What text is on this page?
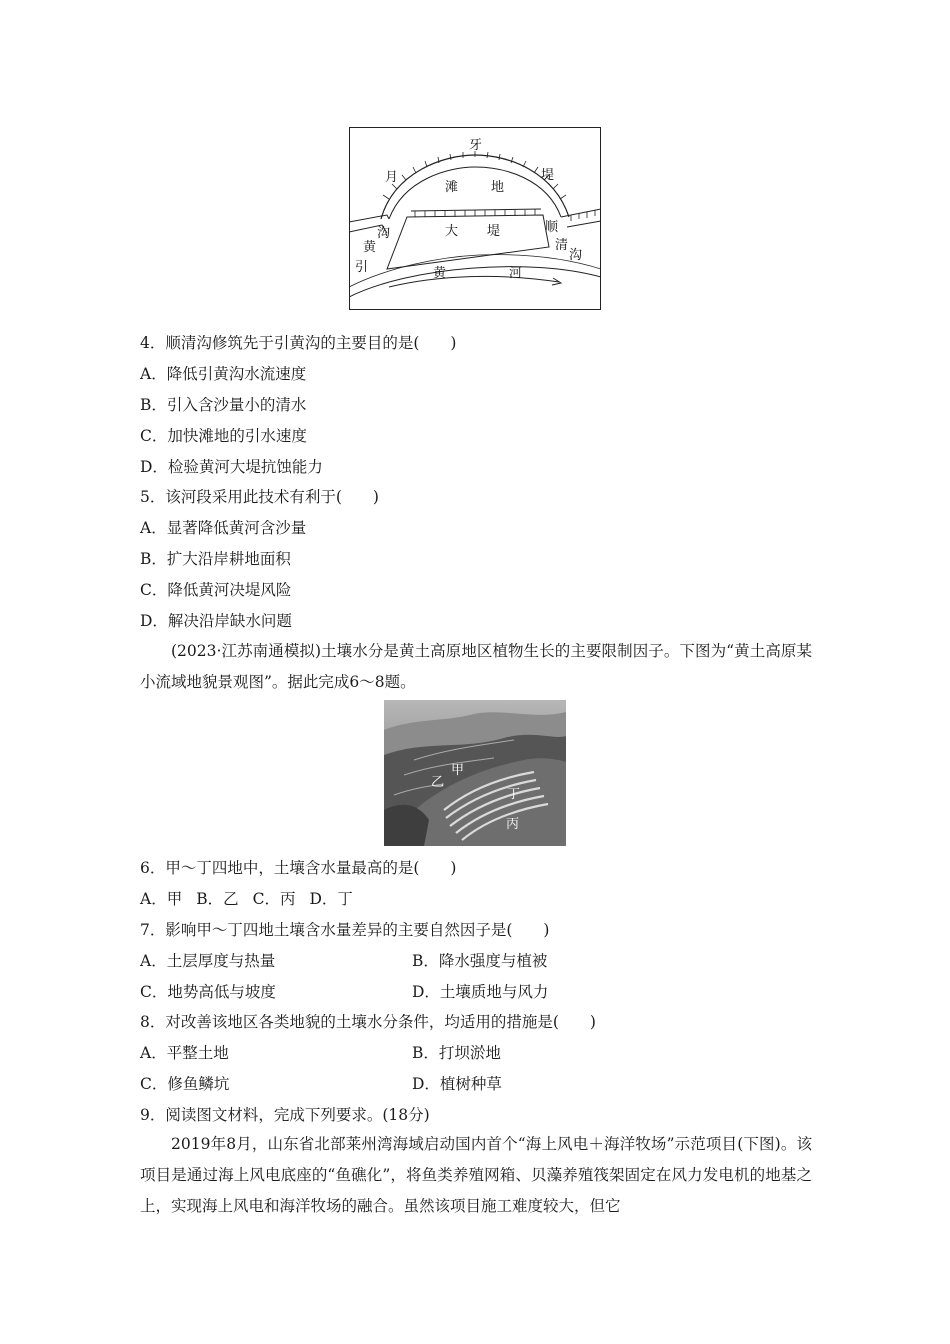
牙
月	堤
滩	地
大 堤
沟
黄
引
顺
清
沟
黄	河
4．顺清沟修筑先于引黄沟的主要目的是(　　)
A．降低引黄沟水流速度
B．引入含沙量小的清水
C．加快滩地的引水速度
D．检验黄河大堤抗蚀能力
5．该河段采用此技术有利于(　　)
A．显著降低黄河含沙量
B．扩大沿岸耕地面积
C．降低黄河决堤风险
D．解决沿岸缺水问题
(2023·江苏南通模拟)土壤水分是黄土高原地区植物生长的主要限制因子。下图为“黄土高原某小流域地貌景观图”。据此完成6～8题。
甲
乙
丁
丙
6．甲～丁四地中，土壤含水量最高的是(　　)
A．甲 B．乙 C．丙 D．丁
7．影响甲～丁四地土壤含水量差异的主要自然因子是(　　)
A．土层厚度与热量	B．降水强度与植被
C．地势高低与坡度	D．土壤质地与风力
8．对改善该地区各类地貌的土壤水分条件，均适用的措施是(　　)
A．平整土地	B．打坝淤地
C．修鱼鳞坑	D．植树种草
9．阅读图文材料，完成下列要求。(18分)
2019年8月，山东省北部莱州湾海域启动国内首个“海上风电＋海洋牧场”示范项目(下图)。该项目是通过海上风电底座的“鱼礁化”，将鱼类养殖网箱、贝藻养殖筏架固定在风力发电机的地基之上，实现海上风电和海洋牧场的融合。虽然该项目施工难度较大，但它
